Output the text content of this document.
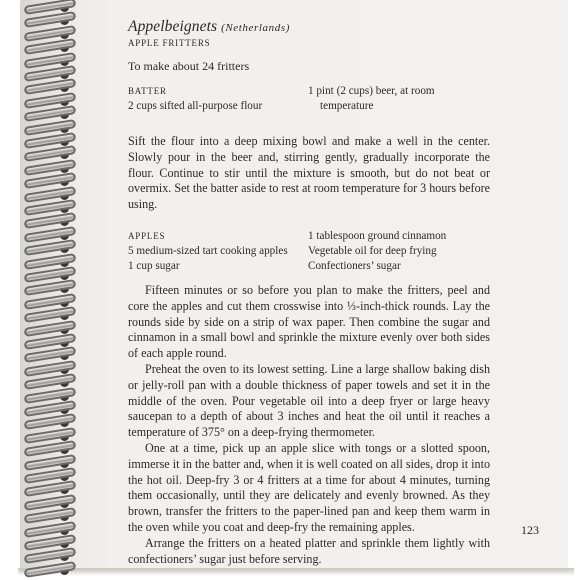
Appelbeignets (Netherlands)
APPLE FRITTERS
To make about 24 fritters
BATTER
2 cups sifted all-purpose flour
1 pint (2 cups) beer, at room
temperature

Sift the flour into a deep mixing bowl and make a well in the center. Slowly pour in the beer and, stirring gently, gradually incorporate the flour. Continue to stir until the mixture is smooth, but do not beat or overmix. Set the batter aside to rest at room temperature for 3 hours before using.

APPLES
5 medium-sized tart cooking apples
1 cup sugar
1 tablespoon ground cinnamon
Vegetable oil for deep frying
Confectioners’ sugar

Fifteen minutes or so before you plan to make the fritters, peel and core the apples and cut them crosswise into ⅓-inch-thick rounds. Lay the rounds side by side on a strip of wax paper. Then combine the sugar and cinnamon in a small bowl and sprinkle the mixture evenly over both sides of each apple round.

Preheat the oven to its lowest setting. Line a large shallow baking dish or jelly-roll pan with a double thickness of paper towels and set it in the middle of the oven. Pour vegetable oil into a deep fryer or large heavy saucepan to a depth of about 3 inches and heat the oil until it reaches a temperature of 375° on a deep-frying thermometer.

One at a time, pick up an apple slice with tongs or a slotted spoon, immerse it in the batter and, when it is well coated on all sides, drop it into the hot oil. Deep-fry 3 or 4 fritters at a time for about 4 minutes, turning them occasionally, until they are delicately and evenly browned. As they brown, transfer the fritters to the paper-lined pan and keep them warm in the oven while you coat and deep-fry the remaining apples.

Arrange the fritters on a heated platter and sprinkle them lightly with confectioners’ sugar just before serving.

123
